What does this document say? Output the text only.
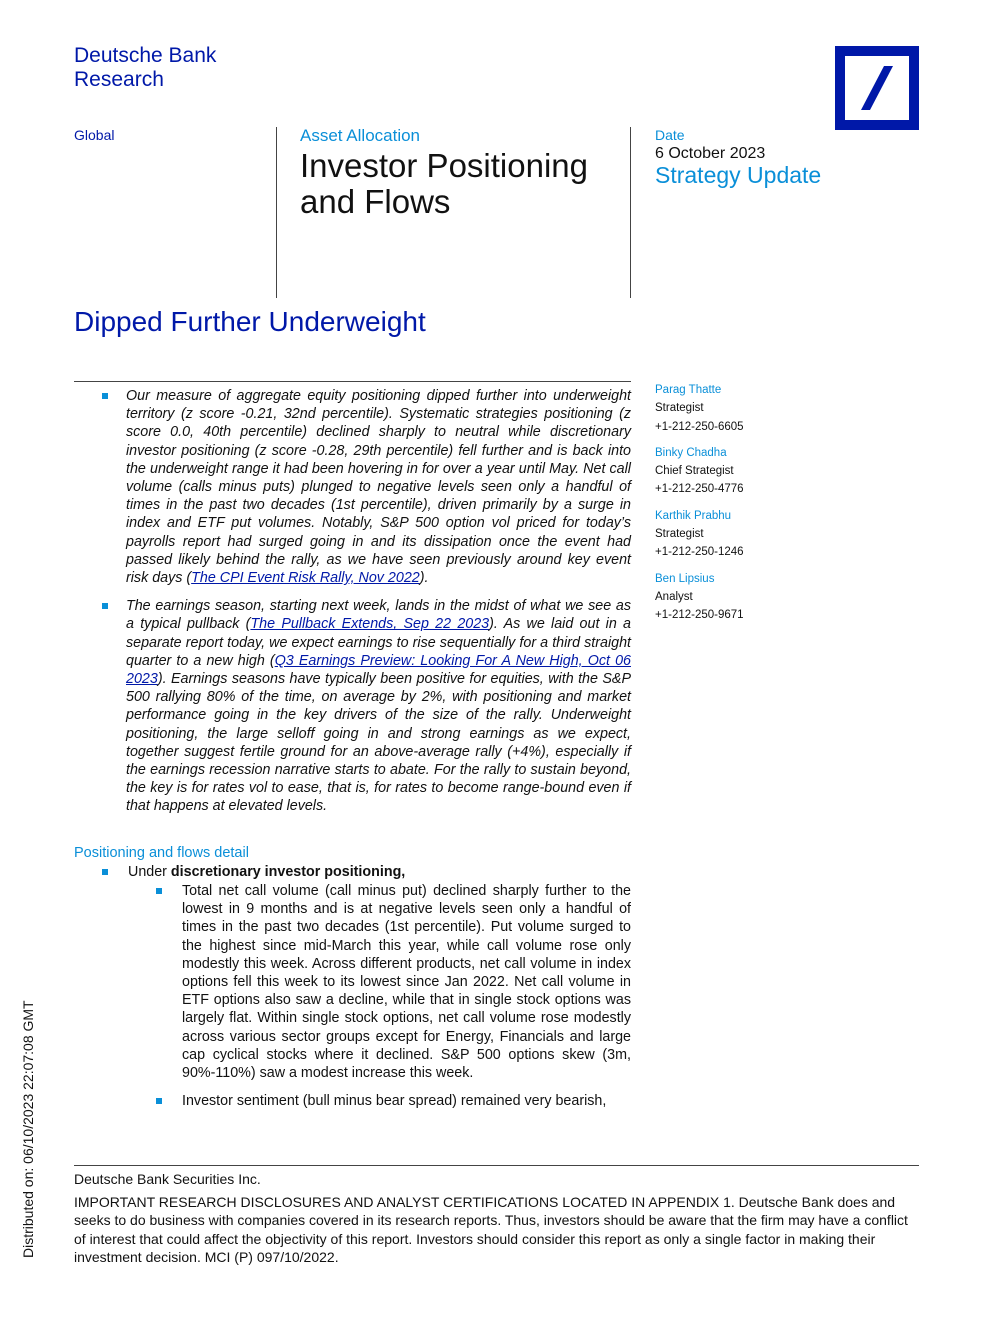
Deutsche Bank
Research
Global	Asset Allocation
Investor Positioning
and Flows
Date
6 October 2023
Strategy Update
Dipped Further Underweight
Our measure of aggregate equity positioning dipped further into underweight territory (z score -0.21, 32nd percentile). Systematic strategies positioning (z score 0.0, 40th percentile) declined sharply to neutral while discretionary investor positioning (z score -0.28, 29th percentile) fell further and is back into the underweight range it had been hovering in for over a year until May. Net call volume (calls minus puts) plunged to negative levels seen only a handful of times in the past two decades (1st percentile), driven primarily by a surge in index and ETF put volumes. Notably, S&P 500 option vol priced for today’s payrolls report had surged going in and its dissipation once the event had passed likely behind the rally, as we have seen previously around key event risk days (The CPI Event Risk Rally, Nov 2022).
The earnings season, starting next week, lands in the midst of what we see as a typical pullback (The Pullback Extends, Sep 22 2023). As we laid out in a separate report today, we expect earnings to rise sequentially for a third straight quarter to a new high (Q3 Earnings Preview: Looking For A New High, Oct 06 2023). Earnings seasons have typically been positive for equities, with the S&P 500 rallying 80% of the time, on average by 2%, with positioning and market performance going in the key drivers of the size of the rally. Underweight positioning, the large selloff going in and strong earnings as we expect, together suggest fertile ground for an above-average rally (+4%), especially if the earnings recession narrative starts to abate. For the rally to sustain beyond, the key is for rates vol to ease, that is, for rates to become range-bound even if that happens at elevated levels.
Parag Thatte
Strategist
+1-212-250-6605
Binky Chadha
Chief Strategist
+1-212-250-4776
Karthik Prabhu
Strategist
+1-212-250-1246
Ben Lipsius
Analyst
+1-212-250-9671
Positioning and flows detail
Under discretionary investor positioning,
Total net call volume (call minus put) declined sharply further to the lowest in 9 months and is at negative levels seen only a handful of times in the past two decades (1st percentile). Put volume surged to the highest since mid-March this year, while call volume rose only modestly this week. Across different products, net call volume in index options fell this week to its lowest since Jan 2022. Net call volume in ETF options also saw a decline, while that in single stock options was largely flat. Within single stock options, net call volume rose modestly across various sector groups except for Energy, Financials and large cap cyclical stocks where it declined. S&P 500 options skew (3m, 90%-110%) saw a modest increase this week.
Investor sentiment (bull minus bear spread) remained very bearish,
Deutsche Bank Securities Inc.
IMPORTANT RESEARCH DISCLOSURES AND ANALYST CERTIFICATIONS LOCATED IN APPENDIX 1. Deutsche Bank does and seeks to do business with companies covered in its research reports. Thus, investors should be aware that the firm may have a conflict of interest that could affect the objectivity of this report. Investors should consider this report as only a single factor in making their investment decision. MCI (P) 097/10/2022.
Distributed on: 06/10/2023 22:07:08 GMT
